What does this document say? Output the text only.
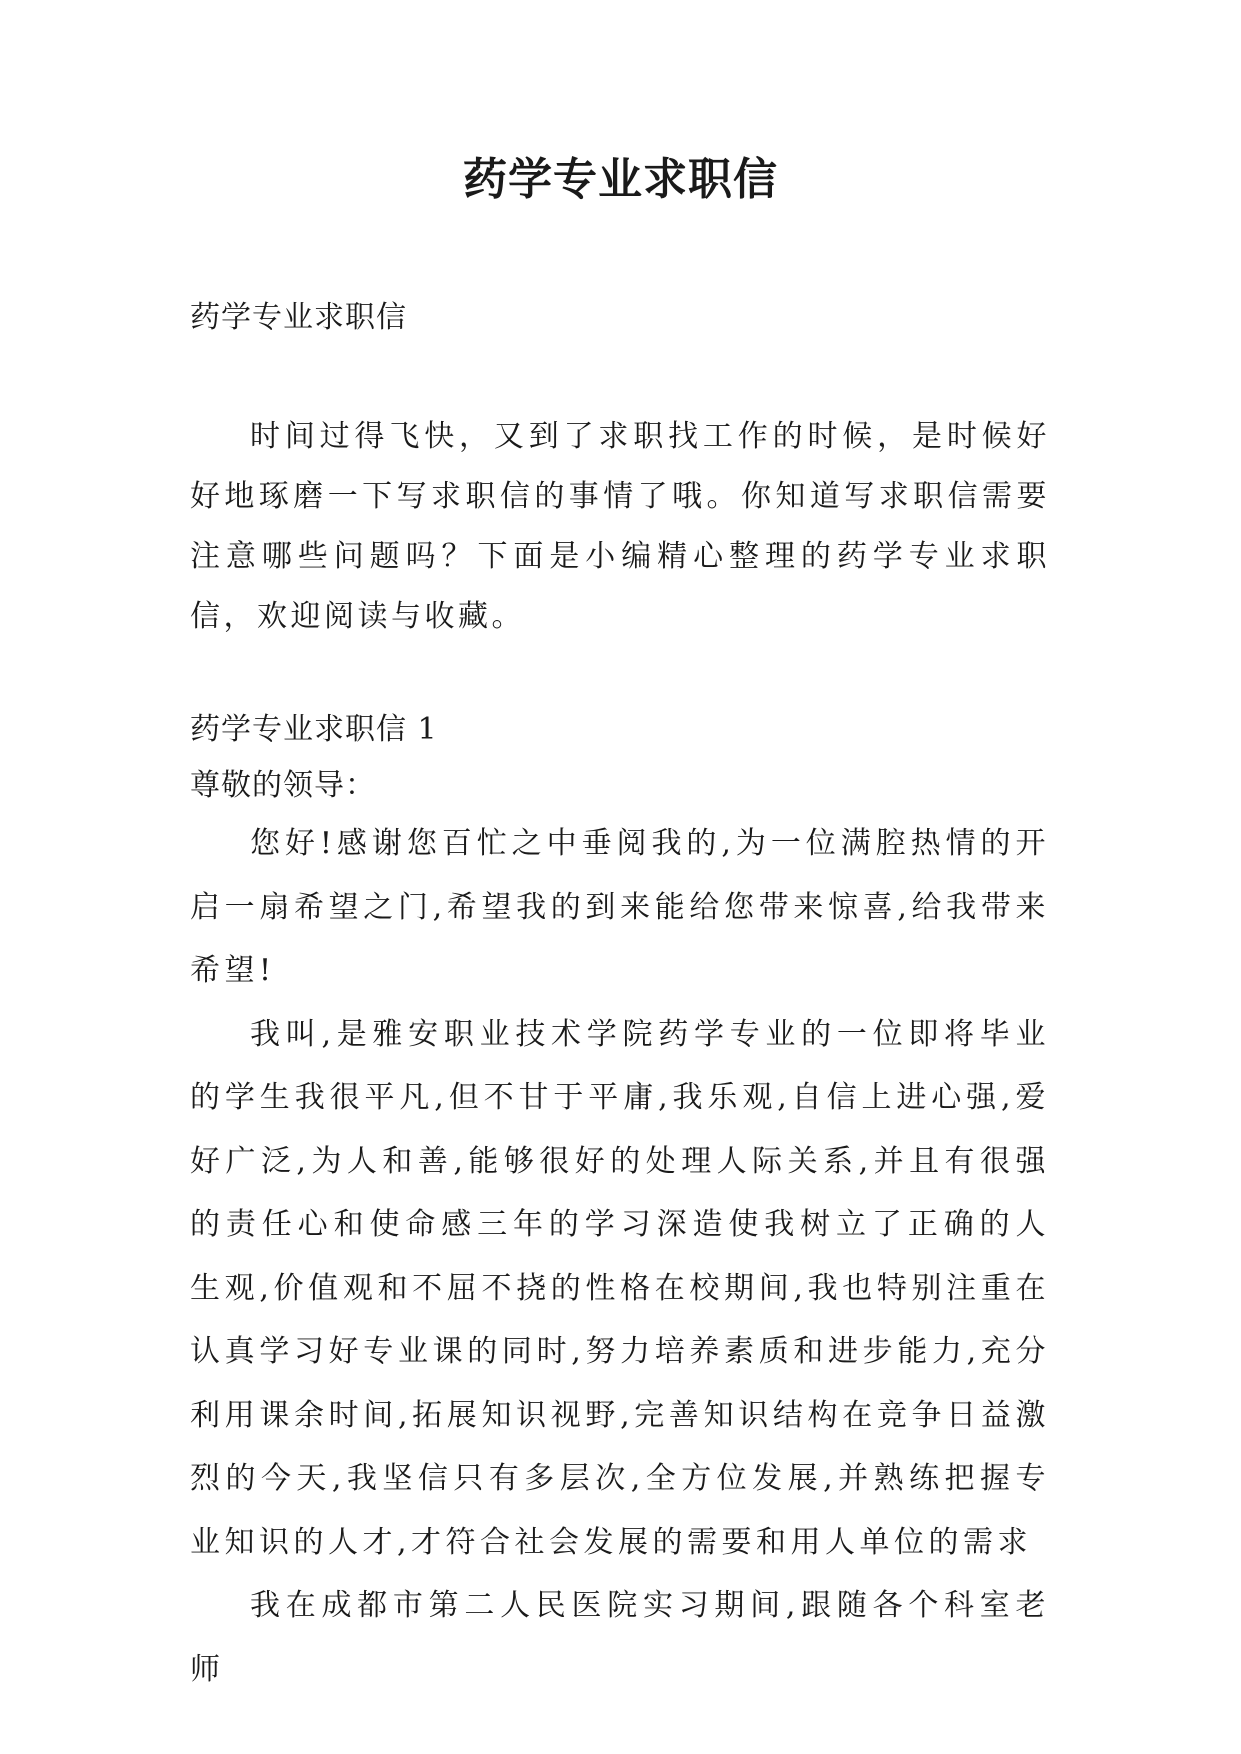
药学专业求职信
药学专业求职信

时间过得飞快，又到了求职找工作的时候，是时候好好地琢磨一下写求职信的事情了哦。你知道写求职信需要注意哪些问题吗？下面是小编精心整理的药学专业求职信，欢迎阅读与收藏。

药学专业求职信 1
尊敬的领导：

您好!感谢您百忙之中垂阅我的,为一位满腔热情的开启一扇希望之门,希望我的到来能给您带来惊喜,给我带来希望!

我叫,是雅安职业技术学院药学专业的一位即将毕业的学生我很平凡,但不甘于平庸,我乐观,自信上进心强,爱好广泛,为人和善,能够很好的处理人际关系,并且有很强的责任心和使命感三年的学习深造使我树立了正确的人生观,价值观和不屈不挠的性格在校期间,我也特别注重在认真学习好专业课的同时,努力培养素质和进步能力,充分利用课余时间,拓展知识视野,完善知识结构在竞争日益激烈的今天,我坚信只有多层次,全方位发展,并熟练把握专业知识的人才,才符合社会发展的需要和用人单位的需求

我在成都市第二人民医院实习期间,跟随各个科室老师
